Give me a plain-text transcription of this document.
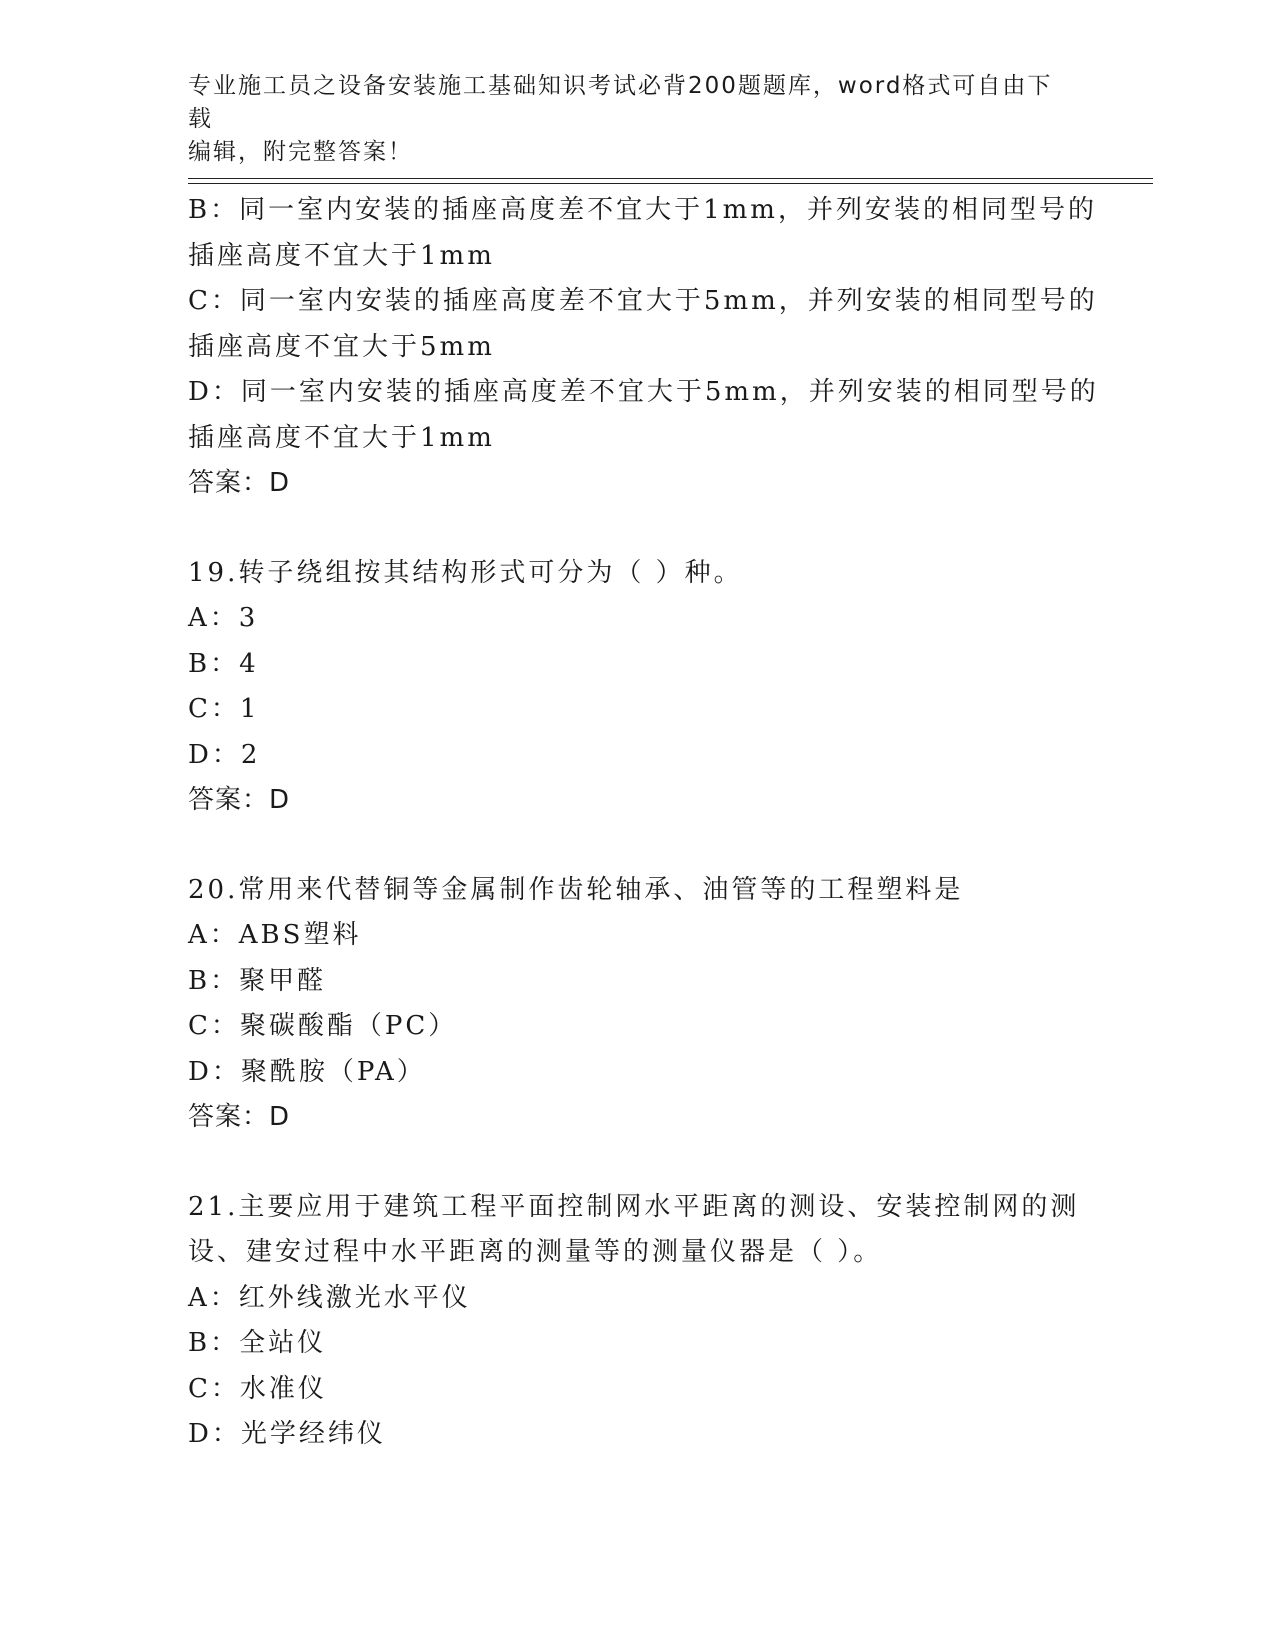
专业施工员之设备安装施工基础知识考试必背200题题库，word格式可自由下载
编辑，附完整答案！
B：同一室内安装的插座高度差不宜大于1mm，并列安装的相同型号的
插座高度不宜大于1mm
C：同一室内安装的插座高度差不宜大于5mm，并列安装的相同型号的
插座高度不宜大于5mm
D：同一室内安装的插座高度差不宜大于5mm，并列安装的相同型号的
插座高度不宜大于1mm
答案：D
19.转子绕组按其结构形式可分为（ ）种。
A：3
B：4
C：1
D：2
答案：D
20.常用来代替铜等金属制作齿轮轴承、油管等的工程塑料是
A：ABS塑料
B：聚甲醛
C：聚碳酸酯（PC）
D：聚酰胺（PA）
答案：D
21.主要应用于建筑工程平面控制网水平距离的测设、安装控制网的测
设、建安过程中水平距离的测量等的测量仪器是（ ）。
A：红外线激光水平仪
B：全站仪
C：水准仪
D：光学经纬仪
